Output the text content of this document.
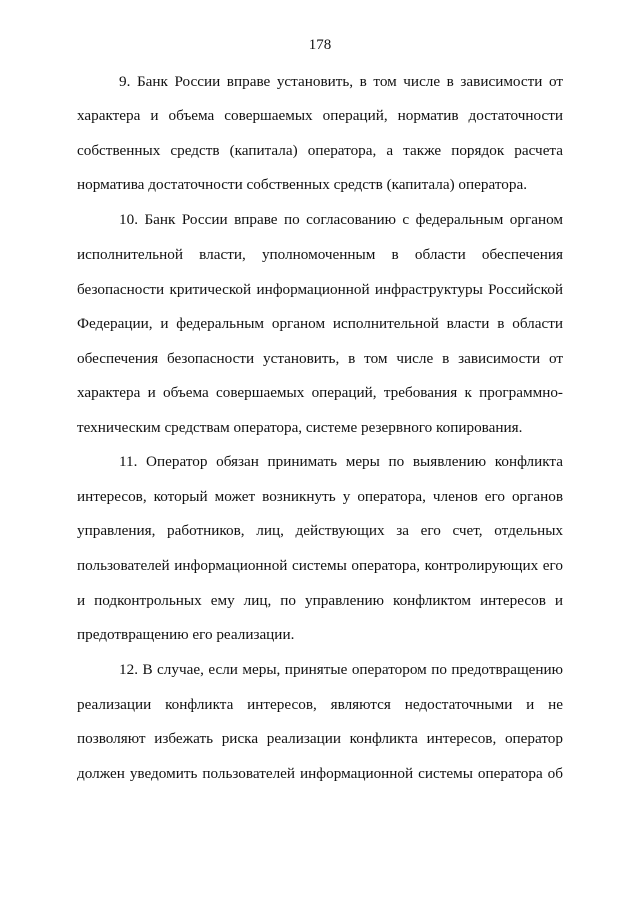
178
9. Банк России вправе установить, в том числе в зависимости от
характера и объема совершаемых операций, норматив достаточности
собственных средств (капитала) оператора, а также порядок расчета
норматива достаточности собственных средств (капитала) оператора.
10. Банк России вправе по согласованию с федеральным органом
исполнительной власти, уполномоченным в области обеспечения
безопасности критической информационной инфраструктуры Российской
Федерации, и федеральным органом исполнительной власти в области
обеспечения безопасности установить, в том числе в зависимости от
характера и объема совершаемых операций, требования к программно-
техническим средствам оператора, системе резервного копирования.
11. Оператор обязан принимать меры по выявлению конфликта
интересов, который может возникнуть у оператора, членов его органов
управления, работников, лиц, действующих за его счет, отдельных
пользователей информационной системы оператора, контролирующих его
и подконтрольных ему лиц, по управлению конфликтом интересов и
предотвращению его реализации.
12. В случае, если меры, принятые оператором по предотвращению
реализации конфликта интересов, являются недостаточными и не
позволяют избежать риска реализации конфликта интересов, оператор
должен уведомить пользователей информационной системы оператора об
